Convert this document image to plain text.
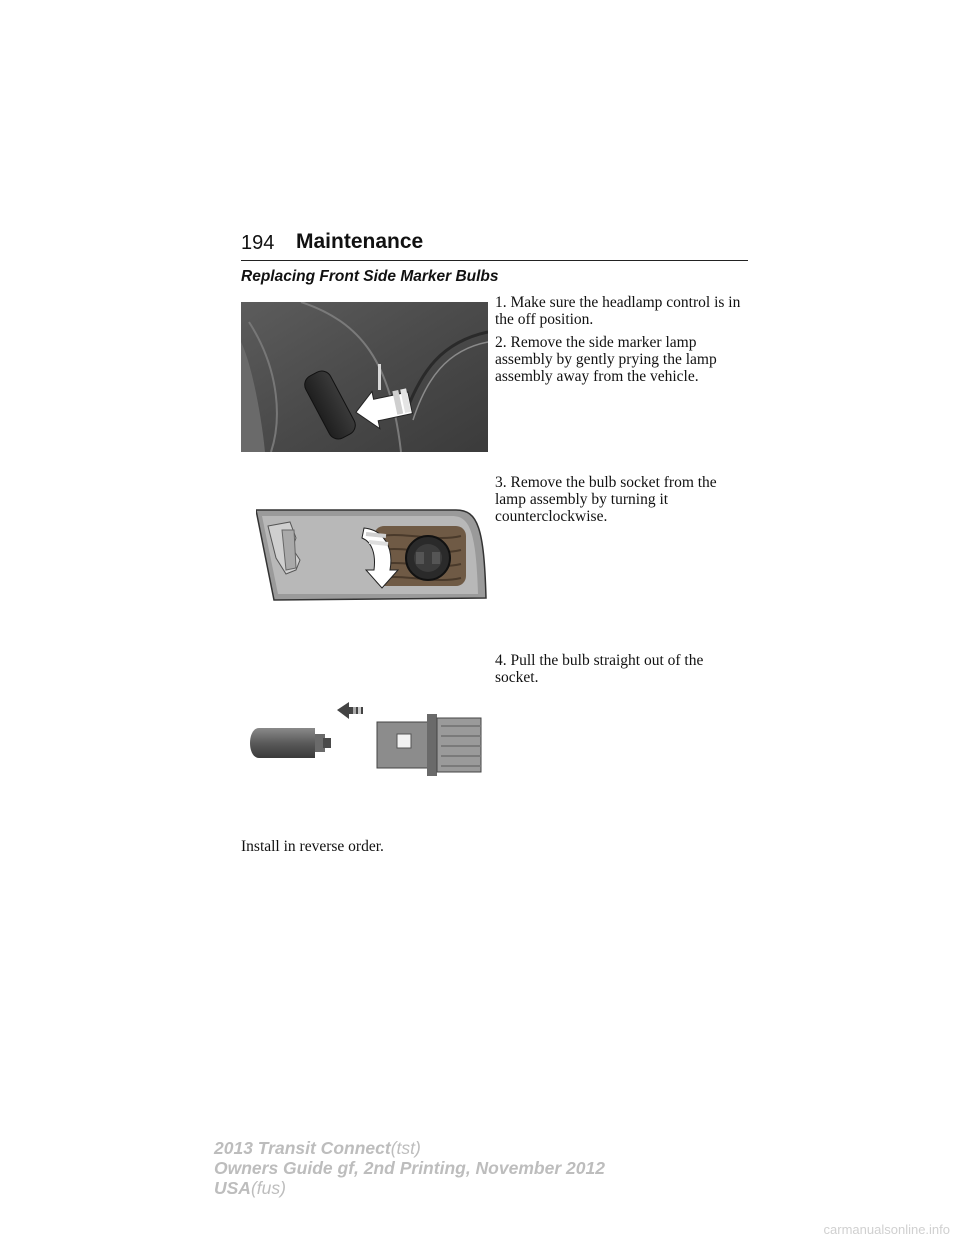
194 Maintenance
Replacing Front Side Marker Bulbs

1. Make sure the headlamp control is in the off position.

2. Remove the side marker lamp assembly by gently prying the lamp assembly away from the vehicle.

3. Remove the bulb socket from the lamp assembly by turning it counterclockwise.

4. Pull the bulb straight out of the socket.

Install in reverse order.
2013 Transit Connect(tst)
Owners Guide gf, 2nd Printing, November 2012
USA(fus)
carmanualsonline.info
